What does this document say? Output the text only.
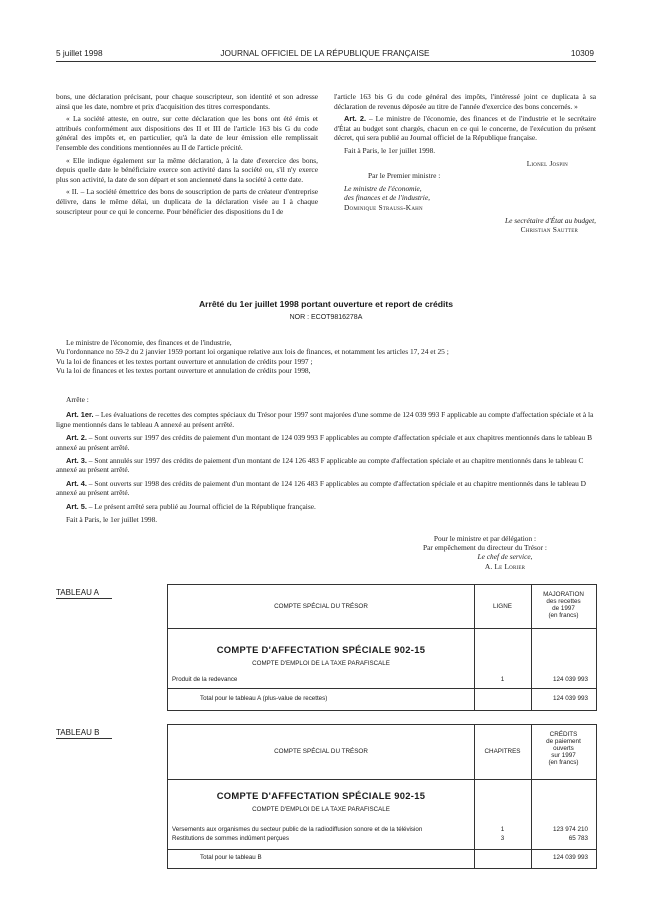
5 juillet 1998	JOURNAL OFFICIEL DE LA RÉPUBLIQUE FRANÇAISE	10309

bons, une déclaration précisant, pour chaque souscripteur, son identité et son adresse ainsi que les date, nombre et prix d'acquisition des titres correspondants.

« La société atteste, en outre, sur cette déclaration que les bons ont été émis et attribués conformément aux dispositions des II et III de l'article 163 bis G du code général des impôts et, en particulier, qu'à la date de leur émission elle remplissait l'ensemble des conditions mentionnées au II de l'article précité.

« Elle indique également sur la même déclaration, à la date d'exercice des bons, depuis quelle date le bénéficiaire exerce son activité dans la société ou, s'il n'y exerce plus son activité, la date de son départ et son ancienneté dans la société à cette date.

« II. – La société émettrice des bons de souscription de parts de créateur d'entreprise délivre, dans le même délai, un duplicata de la déclaration visée au I à chaque souscripteur pour ce qui le concerne. Pour bénéficier des dispositions du I de

l'article 163 bis G du code général des impôts, l'intéressé joint ce duplicata à sa déclaration de revenus déposée au titre de l'année d'exercice des bons concernés. »

Art. 2. – Le ministre de l'économie, des finances et de l'industrie et le secrétaire d'État au budget sont chargés, chacun en ce qui le concerne, de l'exécution du présent décret, qui sera publié au Journal officiel de la République française.

Fait à Paris, le 1er juillet 1998.

Lionel Jospin

Par le Premier ministre :

Le ministre de l'économie,

des finances et de l'industrie,

Dominique Strauss-Kahn

Le secrétaire d'État au budget,

Christian Sautter

Arrêté du 1er juillet 1998 portant ouverture et report de crédits
NOR : ECOT9816278A

Le ministre de l'économie, des finances et de l'industrie,

Vu l'ordonnance no 59-2 du 2 janvier 1959 portant loi organique relative aux lois de finances, et notamment les articles 17, 24 et 25 ;

Vu la loi de finances et les textes portant ouverture et annulation de crédits pour 1997 ;

Vu la loi de finances et les textes portant ouverture et annulation de crédits pour 1998,

Arrête :

Art. 1er. – Les évaluations de recettes des comptes spéciaux du Trésor pour 1997 sont majorées d'une somme de 124 039 993 F applicable au compte d'affectation spéciale et à la ligne mentionnés dans le tableau A annexé au présent arrêté.

Art. 2. – Sont ouverts sur 1997 des crédits de paiement d'un montant de 124 039 993 F applicables au compte d'affectation spéciale et aux chapitres mentionnés dans le tableau B annexé au présent arrêté.

Art. 3. – Sont annulés sur 1997 des crédits de paiement d'un montant de 124 126 483 F applicable au compte d'affectation spéciale et au chapitre mentionnés dans le tableau C annexé au présent arrêté.

Art. 4. – Sont ouverts sur 1998 des crédits de paiement d'un montant de 124 126 483 F applicables au compte d'affectation spéciale et au chapitre mentionnés dans le tableau D annexé au présent arrêté.

Art. 5. – Le présent arrêté sera publié au Journal officiel de la République française.

Fait à Paris, le 1er juillet 1998.

Pour le ministre et par délégation :

Par empêchement du directeur du Trésor :

Le chef de service,

A. Le Lorier

TABLEAU A
COMPTE SPÉCIAL DU TRÉSOR	LIGNE
MAJORATION
des recettes
de 1997
(en francs)
COMPTE D'AFFECTATION SPÉCIALE 902-15
COMPTE D'EMPLOI DE LA TAXE PARAFISCALE
Produit de la redevance	1	124 039 993
Total pour le tableau A (plus-value de recettes)	124 039 993
TABLEAU B
COMPTE SPÉCIAL DU TRÉSOR	CHAPITRES
CRÉDITS
de paiement
ouverts
sur 1997
(en francs)
COMPTE D'AFFECTATION SPÉCIALE 902-15
COMPTE D'EMPLOI DE LA TAXE PARAFISCALE
Versements aux organismes du secteur public de la radiodiffusion sonore et de la télévision	1	123 974 210
Restitutions de sommes indûment perçues	3	65 783
Total pour le tableau B	124 039 993
